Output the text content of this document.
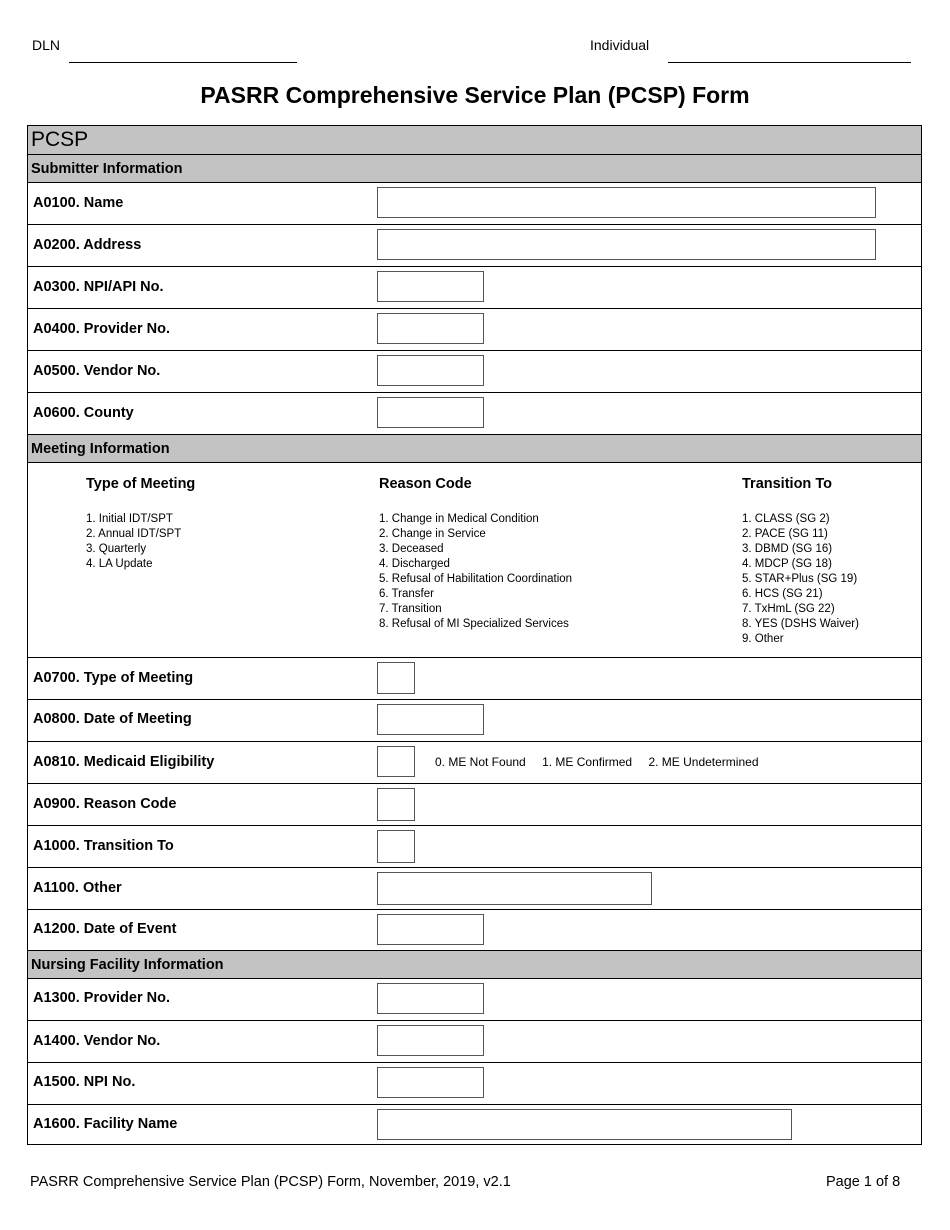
DLN	Individual
PASRR Comprehensive Service Plan (PCSP) Form
PCSP
Submitter Information
A0100. Name
A0200. Address
A0300. NPI/API No.
A0400. Provider No.
A0500. Vendor No.
A0600. County
Meeting Information
Type of Meeting
1. Initial IDT/SPT
2. Annual IDT/SPT
3. Quarterly
4. LA Update
Reason Code
1. Change in Medical Condition
2. Change in Service
3. Deceased
4. Discharged
5. Refusal of Habilitation Coordination
6. Transfer
7. Transition
8. Refusal of MI Specialized Services
Transition To
1. CLASS (SG 2)
2. PACE (SG 11)
3. DBMD (SG 16)
4. MDCP (SG 18)
5. STAR+Plus (SG 19)
6. HCS (SG 21)
7. TxHmL (SG 22)
8. YES (DSHS Waiver)
9. Other
A0700. Type of Meeting
A0800. Date of Meeting
A0810. Medicaid Eligibility	0. ME Not Found 1. ME Confirmed 2. ME Undetermined
A0900. Reason Code
A1000. Transition To
A1100. Other
A1200. Date of Event
Nursing Facility Information
A1300. Provider No.
A1400. Vendor No.
A1500. NPI No.
A1600. Facility Name
PASRR Comprehensive Service Plan (PCSP) Form, November, 2019, v2.1	Page 1 of 8
